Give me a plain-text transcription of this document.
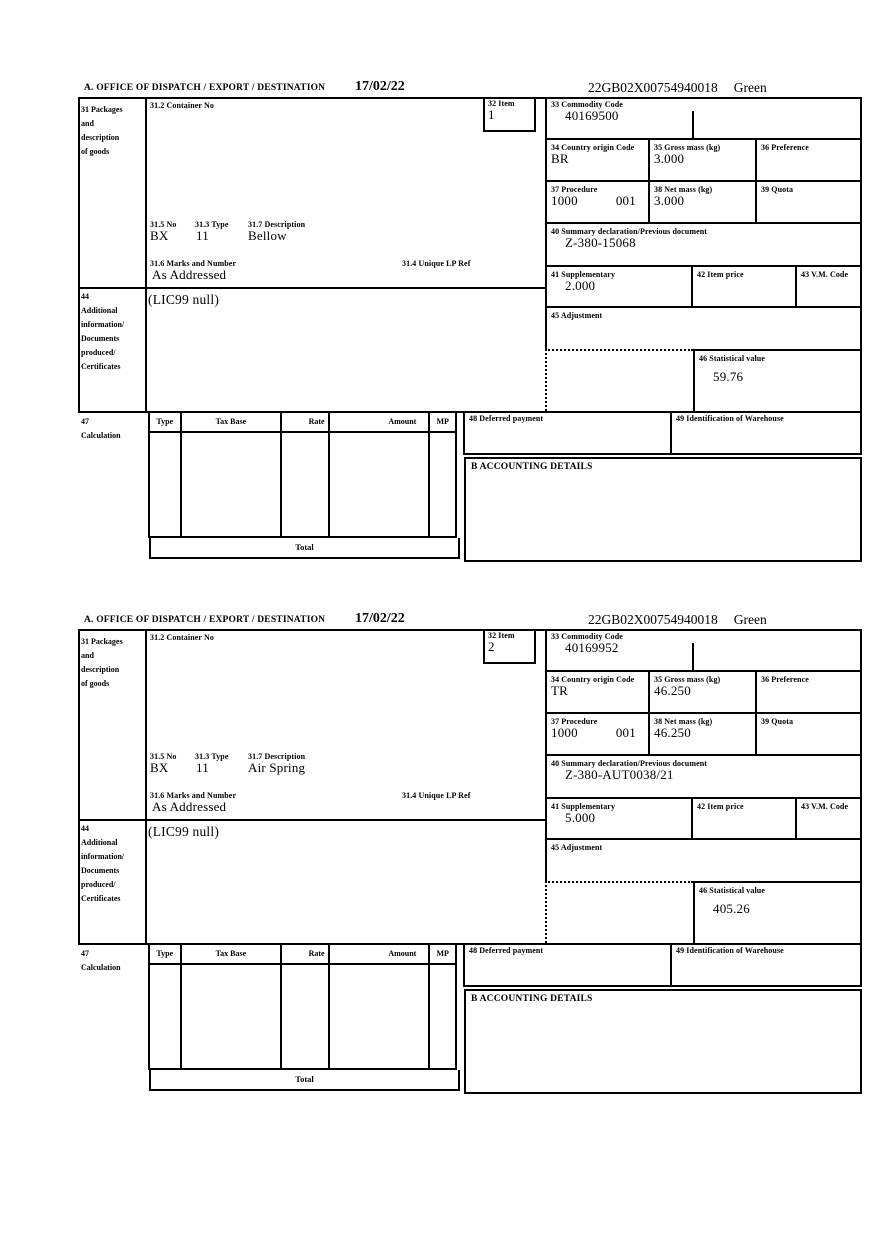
A. OFFICE OF DISPATCH / EXPORT / DESTINATION 17/02/22	22GB02X00754940018 Green
31 Packages
and
description
of goods
31.2 Container No	32 Item
1
31.5 No 31.3 Type 31.7 Description
BX 11	Bellow
31.6 Marks and Number	31.4 Unique LP Ref
As Addressed
(LIC99 null)
44
Additional
information/
Documents
produced/
Certificates
33 Commodity Code
40169500
34 Country origin Code
BR
35 Gross mass (kg)
3.000
36 Preference
37 Procedure
1000	001
38 Net mass (kg)
3.000
39 Quota
40 Summary declaration/Previous document
Z-380-15068
41 Supplementary
2.000
42 Item price	43 V.M. Code
45 Adjustment
46 Statistical value
59.76
47
Calculation
Type	Tax Base	Rate	Amount	MP
Total
48 Deferred payment	49 Identification of Warehouse
B ACCOUNTING DETAILS
A. OFFICE OF DISPATCH / EXPORT / DESTINATION 17/02/22	22GB02X00754940018 Green
31 Packages
and
description
of goods
31.2 Container No	32 Item
2
31.5 No 31.3 Type 31.7 Description
BX 11	Air Spring
31.6 Marks and Number	31.4 Unique LP Ref
As Addressed
(LIC99 null)
44
Additional
information/
Documents
produced/
Certificates
33 Commodity Code
40169952
34 Country origin Code
TR
35 Gross mass (kg)
46.250
36 Preference
37 Procedure
1000	001
38 Net mass (kg)
46.250
39 Quota
40 Summary declaration/Previous document
Z-380-AUT0038/21
41 Supplementary
5.000
42 Item price	43 V.M. Code
45 Adjustment
46 Statistical value
405.26
47
Calculation
Type	Tax Base	Rate	Amount	MP
Total
48 Deferred payment	49 Identification of Warehouse
B ACCOUNTING DETAILS
